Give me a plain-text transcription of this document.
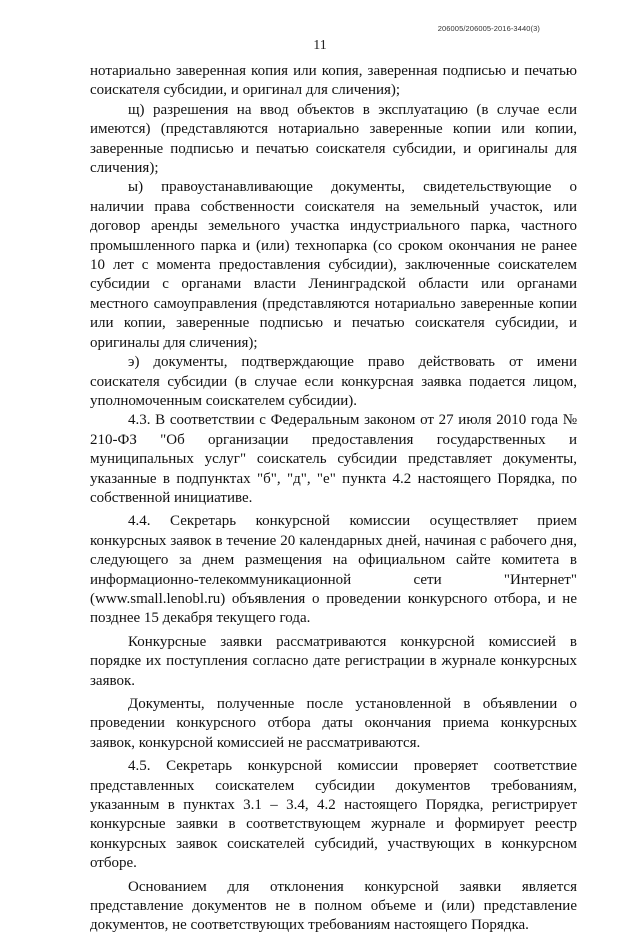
206005/206005-2016-3440(3)
11

нотариально заверенная копия или копия, заверенная подписью и печатью соискателя субсидии, и оригинал для сличения);

щ) разрешения на ввод объектов в эксплуатацию (в случае если имеются) (представляются нотариально заверенные копии или копии, заверенные подписью и печатью соискателя субсидии, и оригиналы для сличения);

ы) правоустанавливающие документы, свидетельствующие о наличии права собственности соискателя на земельный участок, или договор аренды земельного участка индустриального парка, частного промышленного парка и (или) технопарка (со сроком окончания не ранее 10 лет с момента предоставления субсидии), заключенные соискателем субсидии с органами власти Ленинградской области или органами местного самоуправления (представляются нотариально заверенные копии или копии, заверенные подписью и печатью соискателя субсидии, и оригиналы для сличения);

э) документы, подтверждающие право действовать от имени соискателя субсидии (в случае если конкурсная заявка подается лицом, уполномоченным соискателем субсидии).

4.3. В соответствии с Федеральным законом от 27 июля 2010 года № 210-ФЗ "Об организации предоставления государственных и муниципальных услуг" соискатель субсидии представляет документы, указанные в подпунктах "б", "д", "е" пункта 4.2 настоящего Порядка, по собственной инициативе.

4.4. Секретарь конкурсной комиссии осуществляет прием конкурсных заявок в течение 20 календарных дней, начиная с рабочего дня, следующего за днем размещения на официальном сайте комитета в информационно-телекоммуникационной сети "Интернет" (www.small.lenobl.ru) объявления о проведении конкурсного отбора, и не позднее 15 декабря текущего года.

Конкурсные заявки рассматриваются конкурсной комиссией в порядке их поступления согласно дате регистрации в журнале конкурсных заявок.

Документы, полученные после установленной в объявлении о проведении конкурсного отбора даты окончания приема конкурсных заявок, конкурсной комиссией не рассматриваются.

4.5. Секретарь конкурсной комиссии проверяет соответствие представленных соискателем субсидии документов требованиям, указанным в пунктах 3.1 – 3.4, 4.2 настоящего Порядка, регистрирует конкурсные заявки в соответствующем журнале и формирует реестр конкурсных заявок соискателей субсидий, участвующих в конкурсном отборе.

Основанием для отклонения конкурсной заявки является представление документов не в полном объеме и (или) представление документов, не соответствующих требованиям настоящего Порядка.
